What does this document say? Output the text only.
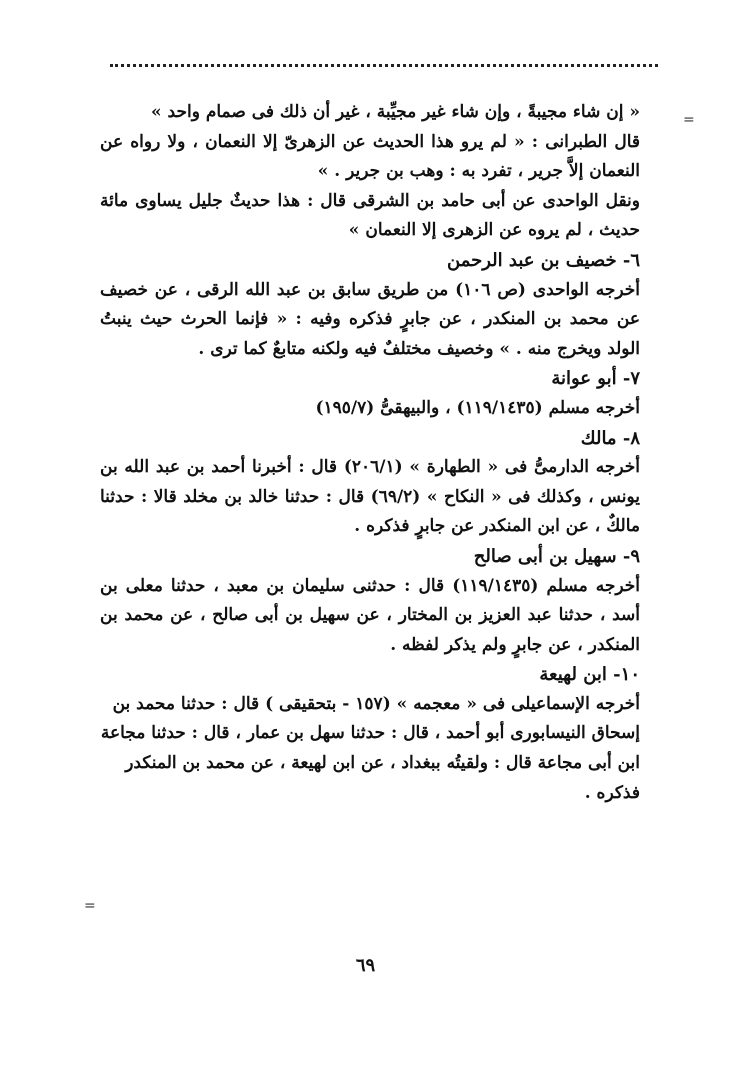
=
=

« إن شاء مجيبةً ، وإن شاء غير مجيِّبة ، غير أن ذلك فى صمام واحد »

قال الطبرانى : « لم يرو هذا الحديث عن الزهرىّ إلا النعمان ، ولا رواه عن النعمان إلاَّ جرير ، تفرد به : وهب بن جرير . »

ونقل الواحدى عن أبى حامد بن الشرقى قال : هذا حديثٌ جليل يساوى مائة حديث ، لم يروه عن الزهرى إلا النعمان »

٦- خصيف بن عبد الرحمن

أخرجه الواحدى (ص ١٠٦) من طريق سابق بن عبد الله الرقى ، عن خصيف عن محمد بن المنكدر ، عن جابرٍ فذكره وفيه : « فإنما الحرث حيث ينبتُ الولد ويخرج منه . » وخصيف مختلفٌ فيه ولكنه متابعٌ كما ترى .

٧- أبو عوانة

أخرجه مسلم (١١٩/١٤٣٥) ، والبيهقىُّ (١٩٥/٧)

٨- مالك

أخرجه الدارمىُّ فى « الطهارة » (٢٠٦/١) قال : أخبرنا أحمد بن عبد الله بن يونس ، وكذلك فى « النكاح » (٦٩/٢) قال : حدثنا خالد بن مخلد قالا : حدثنا مالكٌ ، عن ابن المنكدر عن جابرٍ فذكره .

٩- سهيل بن أبى صالح

أخرجه مسلم (١١٩/١٤٣٥) قال : حدثنى سليمان بن معبد ، حدثنا معلى بن أسد ، حدثنا عبد العزيز بن المختار ، عن سهيل بن أبى صالح ، عن محمد بن المنكدر ، عن جابرٍ ولم يذكر لفظه .

١٠- ابن لهيعة

أخرجه الإسماعيلى فى « معجمه » (١٥٧ - بتحقيقى ) قال : حدثنا محمد بن إسحاق النيسابورى أبو أحمد ، قال : حدثنا سهل بن عمار ، قال : حدثنا مجاعة ابن أبى مجاعة قال : ولقيتُه ببغداد ، عن ابن لهيعة ، عن محمد بن المنكدر فذكره .

٦٩
